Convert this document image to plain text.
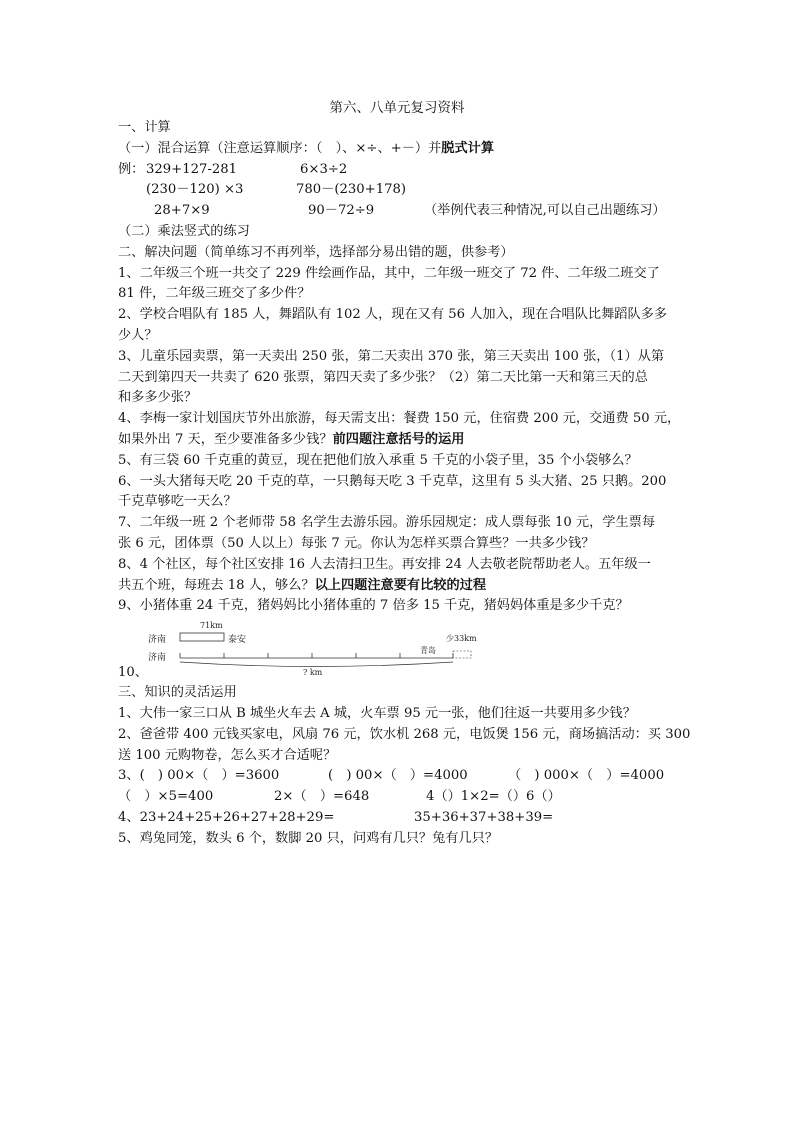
第六、八单元复习资料
一、计算
（一）混合运算（注意运算顺序：（　）、×÷、+－）并脱式计算
例： 329+127-281	6×3÷2
(230－120) ×3	780－(230+178)
28+7×9	90－72÷9	（举例代表三种情况,可以自己出题练习）
（二）乘法竖式的练习
二、解决问题（简单练习不再列举，选择部分易出错的题，供参考）
1、二年级三个班一共交了 229 件绘画作品，其中，二年级一班交了 72 件、二年级二班交了
81 件，二年级三班交了多少件？
2、学校合唱队有 185 人，舞蹈队有 102 人，现在又有 56 人加入，现在合唱队比舞蹈队多多
少人？
3、儿童乐园卖票，第一天卖出 250 张，第二天卖出 370 张，第三天卖出 100 张，（1）从第
二天到第四天一共卖了 620 张票，第四天卖了多少张？（2）第二天比第一天和第三天的总
和多多少张？
4、李梅一家计划国庆节外出旅游，每天需支出：餐费 150 元，住宿费 200 元，交通费 50 元，
如果外出 7 天，至少要准备多少钱？前四题注意括号的运用
5、有三袋 60 千克重的黄豆，现在把他们放入承重 5 千克的小袋子里，35 个小袋够么？
6、一头大猪每天吃 20 千克的草，一只鹅每天吃 3 千克草，这里有 5 头大猪、25 只鹅。200
千克草够吃一天么？
7、二年级一班 2 个老师带 58 名学生去游乐园。游乐园规定：成人票每张 10 元，学生票每
张 6 元，团体票（50 人以上）每张 7 元。你认为怎样买票合算些？一共多少钱？
8、4 个社区，每个社区安排 16 人去清扫卫生。再安排 24 人去敬老院帮助老人。五年级一
共五个班，每班去 18 人，够么？以上四题注意要有比较的过程
9、小猪体重 24 千克，猪妈妈比小猪体重的 7 倍多 15 千克，猪妈妈体重是多少千克？
71km
济南	泰安
济南
少33km
青岛
? km
10、
三、知识的灵活运用
1、大伟一家三口从 B 城坐火车去 A 城，火车票 95 元一张，他们往返一共要用多少钱？
2、爸爸带 400 元钱买家电，风扇 76 元，饮水机 268 元，电饭煲 156 元，商场搞活动：买 300
送 100 元购物卷，怎么买才合适呢？
3、(　) 00×（　）=3600	(　) 00×（　）=4000	（　) 000×（　）=4000
（　）×5=400	2×（　）=648	4（）1×2=（）6（）
4、23+24+25+26+27+28+29=	35+36+37+38+39=
5、鸡兔同笼，数头 6 个，数脚 20 只，问鸡有几只？兔有几只？
